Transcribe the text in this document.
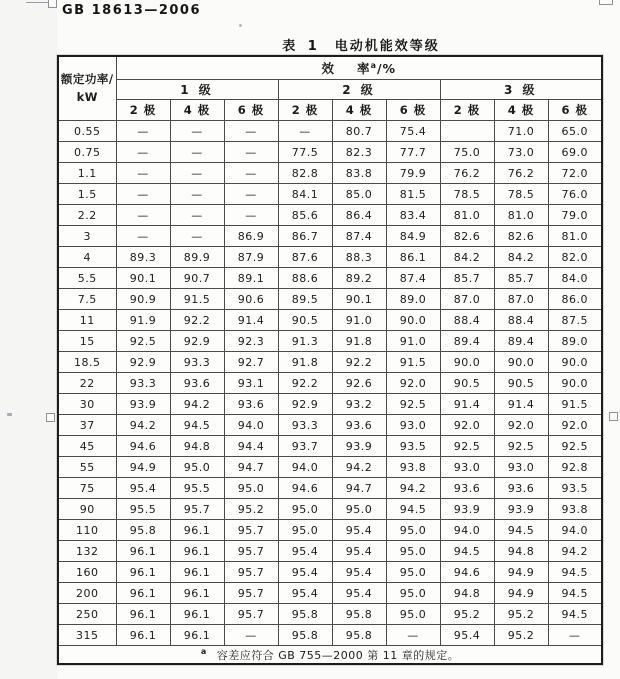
GB 18613—2006
表 1 电动机能效等级
额定功率/
kW	效 率$^a$/%								
	1 级			2 级			3 级		
	2 极	4 极	6 极	2 极	4 极	6 极	2 极	4 极	6 极
0.55	—	—	—	—	80.7	75.4		71.0	65.0
0.75	—	—	—	77.5	82.3	77.7	75.0	73.0	69.0
1.1	—	—	—	82.8	83.8	79.9	76.2	76.2	72.0
1.5	—	—	—	84.1	85.0	81.5	78.5	78.5	76.0
2.2	—	—	—	85.6	86.4	83.4	81.0	81.0	79.0
3	—	—	86.9	86.7	87.4	84.9	82.6	82.6	81.0
4	89.3	89.9	87.9	87.6	88.3	86.1	84.2	84.2	82.0
5.5	90.1	90.7	89.1	88.6	89.2	87.4	85.7	85.7	84.0
7.5	90.9	91.5	90.6	89.5	90.1	89.0	87.0	87.0	86.0
11	91.9	92.2	91.4	90.5	91.0	90.0	88.4	88.4	87.5
15	92.5	92.9	92.3	91.3	91.8	91.0	89.4	89.4	89.0
18.5	92.9	93.3	92.7	91.8	92.2	91.5	90.0	90.0	90.0
22	93.3	93.6	93.1	92.2	92.6	92.0	90.5	90.5	90.0
30	93.9	94.2	93.6	92.9	93.2	92.5	91.4	91.4	91.5
37	94.2	94.5	94.0	93.3	93.6	93.0	92.0	92.0	92.0
45	94.6	94.8	94.4	93.7	93.9	93.5	92.5	92.5	92.5
55	94.9	95.0	94.7	94.0	94.2	93.8	93.0	93.0	92.8
75	95.4	95.5	95.0	94.6	94.7	94.2	93.6	93.6	93.5
90	95.5	95.7	95.2	95.0	95.0	94.5	93.9	93.9	93.8
110	95.8	96.1	95.7	95.0	95.4	95.0	94.0	94.5	94.0
132	96.1	96.1	95.7	95.4	95.4	95.0	94.5	94.8	94.2
160	96.1	96.1	95.7	95.4	95.4	95.0	94.6	94.9	94.5
200	96.1	96.1	95.7	95.4	95.4	95.0	94.8	94.9	94.5
250	96.1	96.1	95.7	95.8	95.8	95.0	95.2	95.2	94.5
315	96.1	96.1	—	95.8	95.8	—	95.4	95.2	—
$^a$ 容差应符合 GB 755—2000 第 11 章的规定。									
